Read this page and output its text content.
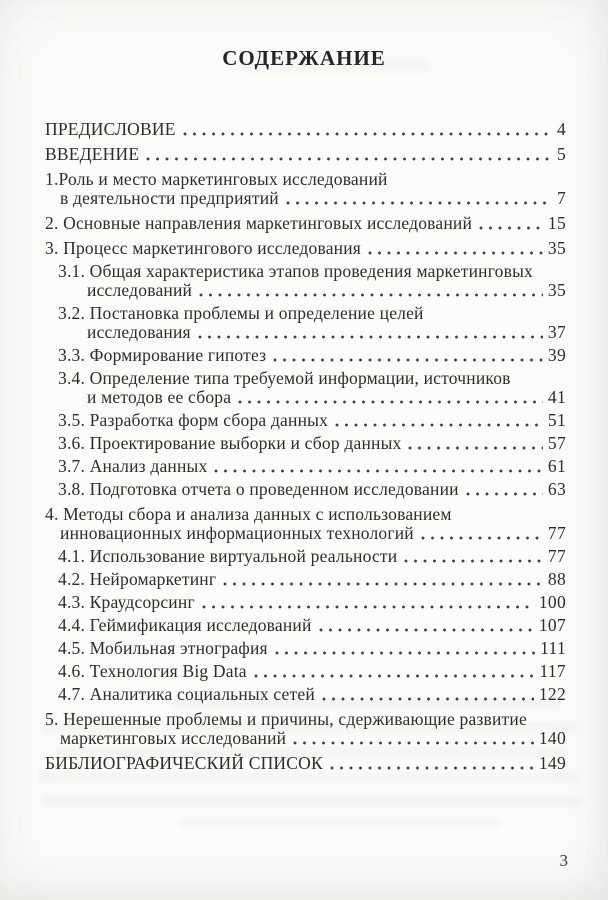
СОДЕРЖАНИЕ
ПРЕДИСЛОВИЕ	4
ВВЕДЕНИЕ	5
1.Роль и место маркетинговых исследований
в деятельности предприятий	7
2. Основные направления маркетинговых исследований	15
3. Процесс маркетингового исследования	35
3.1. Общая характеристика этапов проведения маркетинговых
исследований	35
3.2. Постановка проблемы и определение целей
исследования	37
3.3. Формирование гипотез	39
3.4. Определение типа требуемой информации, источников
и методов ее сбора	41
3.5. Разработка форм сбора данных	51
3.6. Проектирование выборки и сбор данных	57
3.7. Анализ данных	61
3.8. Подготовка отчета о проведенном исследовании	63
4. Методы сбора и анализа данных с использованием
инновационных информационных технологий	77
4.1. Использование виртуальной реальности	77
4.2. Нейромаркетинг	88
4.3. Краудсорсинг	100
4.4. Геймификация исследований	107
4.5. Мобильная этнография	111
4.6. Технология Big Data	117
4.7. Аналитика социальных сетей	122
5. Нерешенные проблемы и причины, сдерживающие развитие
маркетинговых исследований	140
БИБЛИОГРАФИЧЕСКИЙ СПИСОК	149
3
